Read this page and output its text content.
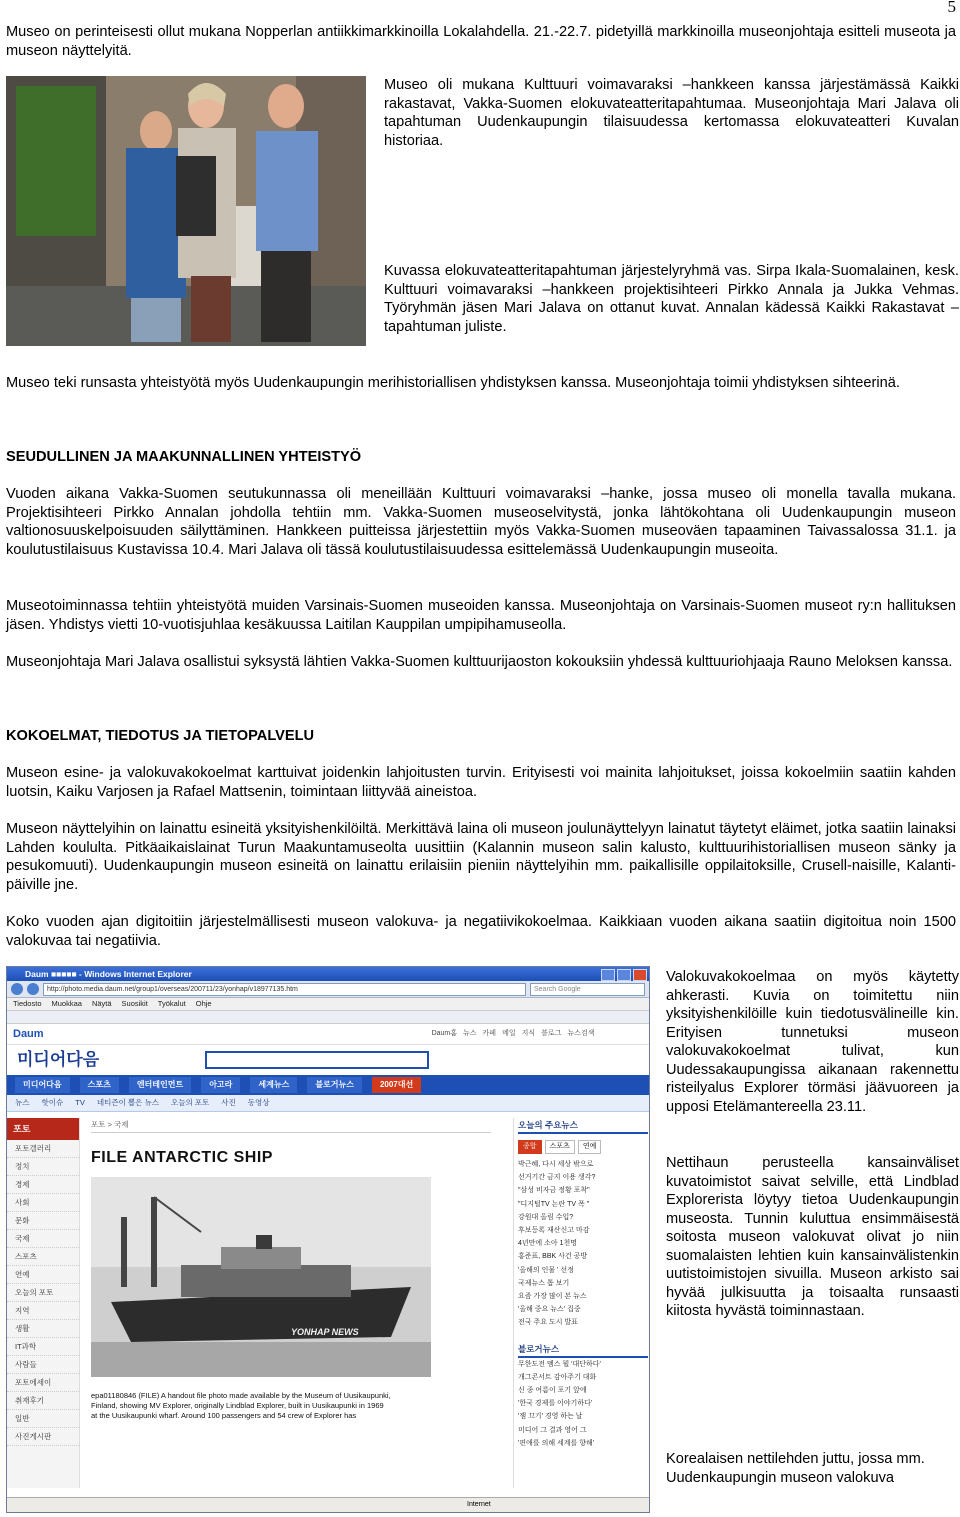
5
Museo on perinteisesti ollut mukana Nopperlan antiikkimarkkinoilla Lokalahdella. 21.-22.7. pidetyillä markkinoilla museonjohtaja esitteli museota ja museon näyttelyitä.
Museo oli mukana Kulttuuri voimavaraksi –hankkeen kanssa järjestämässä Kaikki rakastavat, Vakka-Suomen elokuvateatteritapahtumaa. Museonjohtaja Mari Jalava oli tapahtuman Uudenkaupungin tilaisuudessa kertomassa elokuvateatteri Kuvalan historiaa.
Kuvassa elokuvateatteritapahtuman järjestelyryhmä vas. Sirpa Ikala-Suomalainen, kesk. Kulttuuri voimavaraksi –hankkeen projektisihteeri Pirkko Annala ja Jukka Vehmas. Työryhmän jäsen Mari Jalava on ottanut kuvat. Annalan kädessä Kaikki Rakastavat –tapahtuman juliste.
Museo teki runsasta yhteistyötä myös Uudenkaupungin merihistoriallisen yhdistyksen kanssa. Museonjohtaja toimii yhdistyksen sihteerinä.
SEUDULLINEN JA MAAKUNNALLINEN YHTEISTYÖ
Vuoden aikana Vakka-Suomen seutukunnassa oli meneillään Kulttuuri voimavaraksi –hanke, jossa museo oli monella tavalla mukana. Projektisihteeri Pirkko Annalan johdolla tehtiin mm. Vakka-Suomen museoselvitystä, jonka lähtökohtana oli Uudenkaupungin museon valtionosuuskelpoisuuden säilyttäminen. Hankkeen puitteissa järjestettiin myös Vakka-Suomen museoväen tapaaminen Taivassalossa 31.1. ja koulutustilaisuus Kustavissa 10.4. Mari Jalava oli tässä koulutustilaisuudessa esittelemässä Uudenkaupungin museoita.
Museotoiminnassa tehtiin yhteistyötä muiden Varsinais-Suomen museoiden kanssa. Museonjohtaja on Varsinais-Suomen museot ry:n hallituksen jäsen. Yhdistys vietti 10-vuotisjuhlaa kesäkuussa Laitilan Kauppilan umpipihamuseolla.
Museonjohtaja Mari Jalava osallistui syksystä lähtien Vakka-Suomen kulttuurijaoston kokouksiin yhdessä kulttuuriohjaaja Rauno Meloksen kanssa.
KOKOELMAT, TIEDOTUS JA TIETOPALVELU
Museon esine- ja valokuvakokoelmat karttuivat joidenkin lahjoitusten turvin. Erityisesti voi mainita lahjoitukset, joissa kokoelmiin saatiin kahden luotsin, Kaiku Varjosen ja Rafael Mattsenin, toimintaan liittyvää aineistoa.
Museon näyttelyihin on lainattu esineitä yksityishenkilöiltä. Merkittävä laina oli museon joulunäyttelyyn lainatut täytetyt eläimet, jotka saatiin lainaksi Lahden koululta. Pitkäaikaislainat Turun Maakuntamuseolta uusittiin (Kalannin museon salin kalusto, kulttuurihistoriallisen museon sänky ja pesukomuuti). Uudenkaupungin museon esineitä on lainattu erilaisiin pieniin näyttelyihin mm. paikallisille oppilaitoksille, Crusell-naisille, Kalanti-päiville jne.
Koko vuoden ajan digitoitiin järjestelmällisesti museon valokuva- ja negatiivikokoelmaa. Kaikkiaan vuoden aikana saatiin digitoitua noin 1500 valokuvaa tai negatiivia.
Daum ■■■■■ - Windows Internet Explorer
http://photo.media.daum.net/group1/overseas/200711/23/yonhap/v18977135.htm	Search Google
Tiedosto Muokkaa Näytä Suosikit Työkalut Ohje
Daum	Daum홈 뉴스 카페 메일 지식 블로그 뉴스검색
미디어다음
미디어다음	스포츠	엔터테인먼트	아고라	세계뉴스	블로거뉴스	2007대선
뉴스 핫이슈 TV 네티즌이 뽑은 뉴스 오늘의 포토 사진 동영상
포토
포토갤러리
정치
경제
사회
문화
국제
스포츠
연예
오늘의 포토
지역
생활
IT과학
사람들
포토에세이
취재후기
일반
사진게시판
포토 > 국제
FILE ANTARCTIC SHIP
YONHAP NEWS
epa01180846 (FILE) A handout file photo made available by the Museum of Uusikaupunki, Finland, showing MV Explorer, originally Lindblad Explorer, built in Uusikaupunki in 1969 at the Uusikaupunki wharf. Around 100 passengers and 54 crew of Explorer has
오늘의 주요뉴스
종합	스포츠	연예
박근혜, 다시 세상 밖으로
선거기간 금지 이용 생각?
"삼성 비자금 정황 포착"
"디지털TV 논란 TV 폭 "
강원대 올림 수입?
후보등록 재산신고 마감
4년만에 소아 1천명
홍준표, BBK 사건 공방
'올해의 인물 ' 선정
국제뉴스 톱 보기
요즘 가장 많이 본 뉴스
'올해 중요 뉴스' 집중
전국 주요 도시 발표
블로거뉴스
무한도전 멤스 뭘 '대단하다'
개그콘서트 감아주기 대화
신 종 여름이 포기 앞에
'한국 경제를 이야기하다'
'잼 끄기' 경영 하는 날
미디어 그 결과 영어 그
'편애를 의해 세계를 향해'
Internet
Valokuvakokoelmaa on myös käytetty ahkerasti. Kuvia on toimitettu niin yksityishenkilöille kuin tiedotusvälineille kin. Erityisen tunnetuksi museon valokuvakokoelmat tulivat, kun Uudessakaupungissa aikanaan rakennettu risteilyalus Explorer törmäsi jäävuoreen ja upposi Etelämantereella 23.11.
Nettihaun perusteella kansainväliset kuvatoimistot saivat selville, että Lindblad Explorerista löytyy tietoa Uudenkaupungin museosta. Tunnin kuluttua ensimmäisestä soitosta museon valokuvat olivat jo niin suomalaisten lehtien kuin kansainvälistenkin uutistoimistojen sivuilla. Museon arkisto sai hyvää julkisuutta ja toisaalta runsaasti kiitosta hyvästä toiminnastaan.
Korealaisen nettilehden juttu, jossa mm. Uudenkaupungin museon valokuva
